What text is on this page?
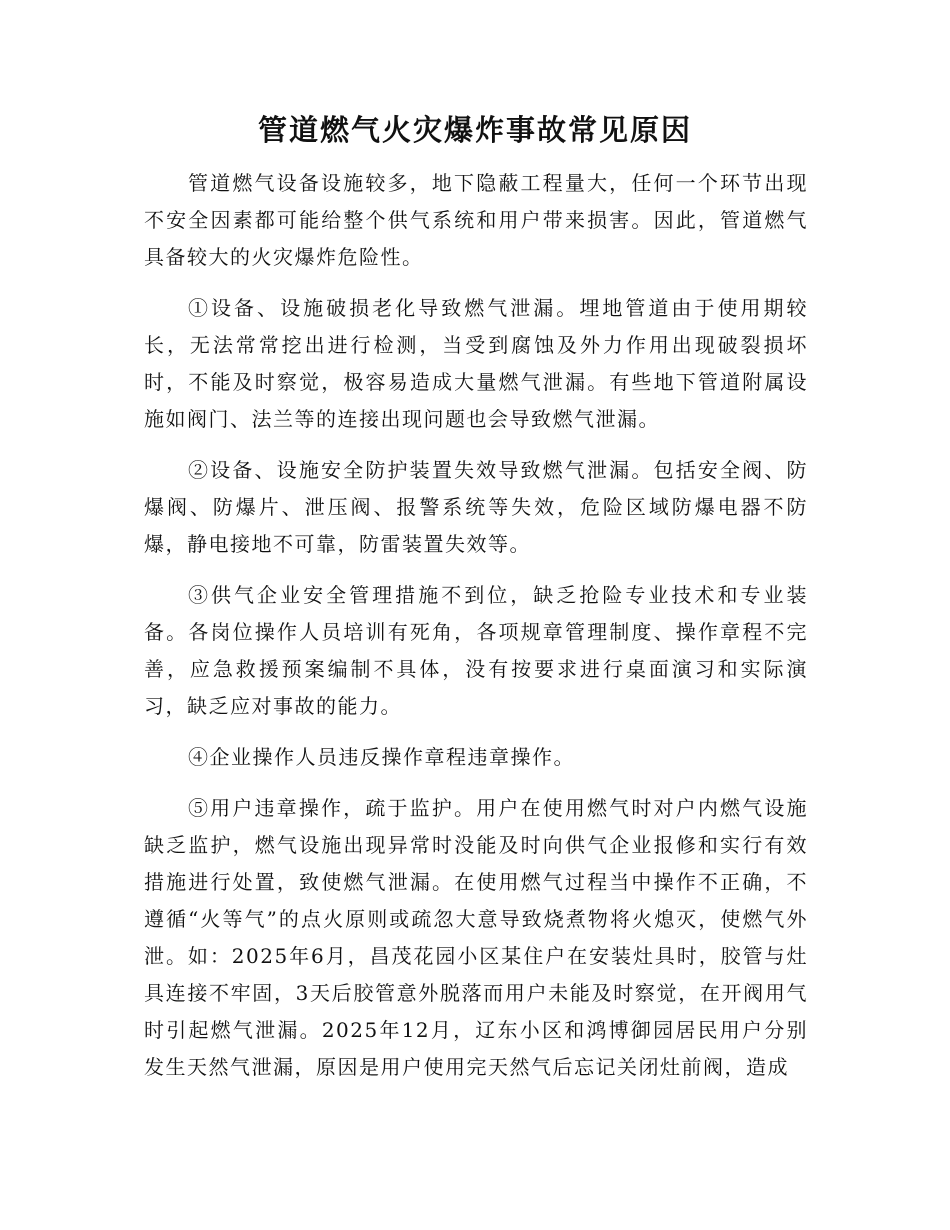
管道燃气火灾爆炸事故常见原因

管道燃气设备设施较多，地下隐蔽工程量大，任何一个环节出现不安全因素都可能给整个供气系统和用户带来损害。因此，管道燃气具备较大的火灾爆炸危险性。

①设备、设施破损老化导致燃气泄漏。埋地管道由于使用期较长，无法常常挖出进行检测，当受到腐蚀及外力作用出现破裂损坏时，不能及时察觉，极容易造成大量燃气泄漏。有些地下管道附属设施如阀门、法兰等的连接出现问题也会导致燃气泄漏。

②设备、设施安全防护装置失效导致燃气泄漏。包括安全阀、防爆阀、防爆片、泄压阀、报警系统等失效，危险区域防爆电器不防爆，静电接地不可靠，防雷装置失效等。

③供气企业安全管理措施不到位，缺乏抢险专业技术和专业装备。各岗位操作人员培训有死角，各项规章管理制度、操作章程不完善，应急救援预案编制不具体，没有按要求进行桌面演习和实际演习，缺乏应对事故的能力。

④企业操作人员违反操作章程违章操作。

⑤用户违章操作，疏于监护。用户在使用燃气时对户内燃气设施缺乏监护，燃气设施出现异常时没能及时向供气企业报修和实行有效措施进行处置，致使燃气泄漏。在使用燃气过程当中操作不正确，不遵循“火等气”的点火原则或疏忽大意导致烧煮物将火熄灭，使燃气外泄。如：2025年6月，昌茂花园小区某住户在安装灶具时，胶管与灶具连接不牢固，3天后胶管意外脱落而用户未能及时察觉，在开阀用气时引起燃气泄漏。2025年12月，辽东小区和鸿博御园居民用户分别发生天然气泄漏，原因是用户使用完天然气后忘记关闭灶前阀，造成
